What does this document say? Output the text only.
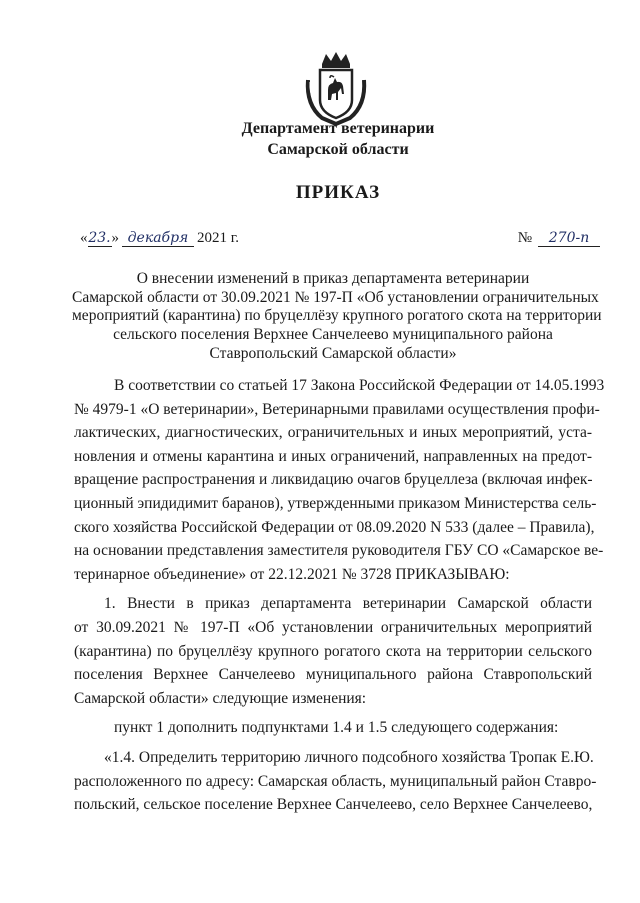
Департамент ветеринарии
Самарской области
ПРИКАЗ
«23.» декабря 2021 г.	№ 270-п
О внесении изменений в приказ департамента ветеринарии
Самарской области от 30.09.2021 № 197-П «Об установлении ограничительных
мероприятий (карантина) по бруцеллёзу крупного рогатого скота на территории
сельского поселения Верхнее Санчелеево муниципального района
Ставропольский Самарской области»
В соответствии со статьей 17 Закона Российской Федерации от 14.05.1993
№ 4979-1 «О ветеринарии», Ветеринарными правилами осуществления профи-
лактических, диагностических, ограничительных и иных мероприятий, уста-
новления и отмены карантина и иных ограничений, направленных на предот-
вращение распространения и ликвидацию очагов бруцеллеза (включая инфек-
ционный эпидидимит баранов), утвержденными приказом Министерства сель-
ского хозяйства Российской Федерации от 08.09.2020 N 533 (далее – Правила),
на основании представления заместителя руководителя ГБУ СО «Самарское ве-
теринарное объединение» от 22.12.2021 № 3728 ПРИКАЗЫВАЮ:
1. Внести в приказ департамента ветеринарии Самарской области
от 30.09.2021 № 197-П «Об установлении ограничительных мероприятий
(карантина) по бруцеллёзу крупного рогатого скота на территории сельского
поселения Верхнее Санчелеево муниципального района Ставропольский
Самарской области» следующие изменения:
пункт 1 дополнить подпунктами 1.4 и 1.5 следующего содержания:
«1.4. Определить территорию личного подсобного хозяйства Тропак Е.Ю.
расположенного по адресу: Самарская область, муниципальный район Ставро-
польский, сельское поселение Верхнее Санчелеево, село Верхнее Санчелеево,
